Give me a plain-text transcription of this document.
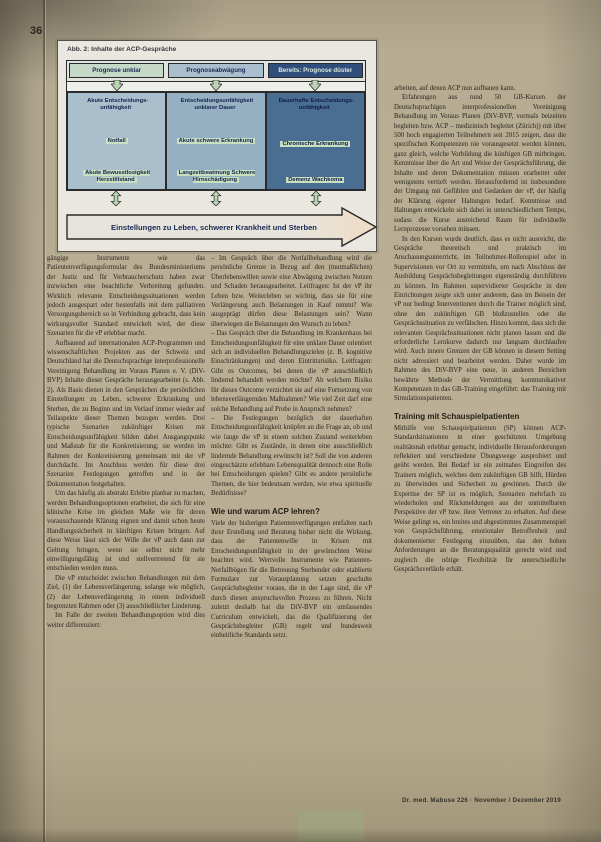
36
Abb. 2: Inhalte der ACP-Gespräche
Prognose unklar	Prognoseabwägung	Bereits: Prognose düster
Akute Entscheidungs- unfähigkeit
Notfall
Akute Bewusstlosigkeit Herzstillstand
Entscheidungsunfähigkeit unklarer Dauer
Akute schwere Erkrankung
Langzeitbeatmung Schwere Hirnschädigung
Dauerhafte Entscheidungs- unfähigkeit
Chronische Erkrankung
Demenz Wachkoma
Einstellungen zu Leben, schwerer Krankheit und Sterben

gängige Instrumente wie das Patientenverfügungsformular des Bundesministeriums der Justiz und für Verbraucherschutz haben zwar inzwischen eine beachtliche Verbreitung gefunden. Wirklich relevante Entscheidungssituationen werden jedoch ausgespart oder bestenfalls mit dem palliativen Versorgungsbereich so in Verbindung gebracht, dass kein wirkungsvoller Standard entwickelt wird, der diese Szenarien für die vP erlebbar macht.

Aufbauend auf internationalen ACP-Programmen und wissenschaftlichen Projekten aus der Schweiz und Deutschland hat die Deutschsprachige interprofessionelle Vereinigung Behandlung im Voraus Planen e. V. (DiV-BVP) Inhalte dieser Gespräche herausgearbeitet (s. Abb. 2). Als Basis dienen in den Gesprächen die persönlichen Einstellungen zu Leben, schwerer Erkrankung und Sterben, die zu Beginn und im Verlauf immer wieder auf Teilaspekte dieser Themen bezogen werden. Drei typische Szenarien zukünftiger Krisen mit Entscheidungsunfähigkeit bilden dabei Ausgangspunkt und Maßstab für die Konkretisierung; sie werden im Rahmen der Konkretisierung gemeinsam mit der vP durchdacht. Im Anschluss werden für diese drei Szenarien Festlegungen getroffen und in der Dokumentation festgehalten.

Um das häufig als abstrakt Erlebte planbar zu machen, werden Behandlungsoptionen erarbeitet, die sich für eine klinische Krise im gleichen Maße wie für deren vorausschauende Klärung eignen und damit schon heute Handlungssicherheit in künftigen Krisen bringen. Auf diese Weise lässt sich der Wille der vP auch dann zur Geltung bringen, wenn sie selbst nicht mehr einwilligungsfähig ist und stellvertretend für sie entschieden werden muss.

Die vP entscheidet zwischen Behandlungen mit dem Ziel, (1) der Lebensverlängerung, solange wie möglich, (2) der Lebensverlängerung in einem individuell begrenzten Rahmen oder (3) ausschließlicher Linderung.

Im Falle der zweiten Behandlungsoption wird dies weiter differenziert:

– Im Gespräch über die Notfallbehandlung wird die persönliche Grenze in Bezug auf den (mutmaßlichen) Überlebenswillen sowie eine Abwägung zwischen Nutzen und Schaden herausgearbeitet. Leitfragen: Ist der vP ihr Leben bzw. Weiterleben so wichtig, dass sie für eine Verlängerung auch Belastungen in Kauf nimmt? Wie ausgeprägt dürfen diese Belastungen sein? Wann überwiegen die Belastungen den Wunsch zu leben?

– Das Gespräch über die Behandlung im Krankenhaus bei Entscheidungsunfähigkeit für eine unklare Dauer orientiert sich an individuellen Behandlungszielen (z. B. kognitive Einschränkungen) und deren Eintrittsrisiko. Leitfragen: Gibt es Outcomes, bei denen die vP ausschließlich lindernd behandelt werden möchte? Ab welchem Risiko für dieses Outcome verzichtet sie auf eine Fortsetzung von lebensverlängernden Maßnahmen? Wie viel Zeit darf eine solche Behandlung auf Probe in Anspruch nehmen?

– Die Festlegungen bezüglich der dauerhaften Entscheidungsunfähigkeit knüpfen an die Frage an, ob und wie lange die vP in einem solchen Zustand weiterleben möchte: Gibt es Zustände, in denen eine ausschließlich lindernde Behandlung erwünscht ist? Soll die von anderen eingeschätzte erlebbare Lebensqualität dennoch eine Rolle bei Entscheidungen spielen? Gibt es andere persönliche Themen, die hier bedeutsam werden, wie etwa spirituelle Bedürfnisse?

Wie und warum ACP lehren?

Viele der bisherigen Patientenverfügungen entfalten nach ihrer Erstellung und Beratung bisher nicht die Wirkung, dass der Patientenwille in Krisen mit Entscheidungsunfähigkeit in der gewünschten Weise beachtet wird. Wertvolle Instrumente wie Patienten-Notfallbögen für die Betreuung Sterbender oder etablierte Formulare zur Vorausplanung setzen geschulte Gesprächsbegleiter voraus, die in der Lage sind, die vP durch diesen anspruchsvollen Prozess zu führen. Nicht zuletzt deshalb hat die DiV-BVP ein umfassendes Curriculum entwickelt, das die Qualifizierung der Gesprächsbegleiter (GB) regelt und bundesweit einheitliche Standards setzt.

arbeiten, auf denen ACP nun aufbauen kann.

Erfahrungen aus rund 50 GB-Kursen der Deutschsprachigen interprofessionellen Vereinigung Behandlung im Voraus Planen (DiV-BVP, vormals beizeiten begleiten bzw. ACP – medizinisch begleitet (Zürich)) mit über 500 hoch engagierten Teilnehmern seit 2015 zeigen, dass die spezifischen Kompetenzen nie vorausgesetzt werden können, ganz gleich, welche Vorbildung die künftigen GB mitbringen. Kenntnisse über die Art und Weise der Gesprächsführung, die Inhalte und deren Dokumentation müssen erarbeitet oder wenigstens vertieft werden. Herausfordernd ist insbesondere der Umgang mit Gefühlen und Gedanken der vP, der häufig der Klärung eigener Haltungen bedarf. Kenntnisse und Haltungen entwickeln sich dabei in unterschiedlichem Tempo, sodass die Kurse ausreichend Raum für individuelle Lernprozesse vorsehen müssen.

In den Kursen wurde deutlich, dass es nicht ausreicht, die Gespräche theoretisch und praktisch im Anschauungsunterricht, im Teilnehmer-Rollenspiel oder in Supervisionen vor Ort zu vermitteln, um nach Abschluss der Ausbildung Gesprächsbegleitungen eigenständig durchführen zu können. Im Rahmen supervidierter Gespräche in den Einrichtungen zeigte sich unter anderem, dass im Beisein der vP nur bedingt Interventionen durch die Trainer möglich sind, ohne den zukünftigen GB bloßzustellen oder die Gesprächssituation zu verfälschen. Hinzu kommt, dass sich die relevanten Gesprächssituationen nicht planen lassen und die erforderliche Lernkurve dadurch nur langsam durchlaufen wird. Auch innere Grenzen der GB können in diesem Setting nicht adressiert und bearbeitet werden. Daher wurde im Rahmen des DiV-BVP eine neue, in anderen Bereichen bewährte Methode der Vermittlung kommunikativer Kompetenzen in das GB-Training eingeführt: das Training mit Simulationspatienten.

Training mit Schauspielpatienten

Mithilfe von Schauspielpatienten (SP) können ACP-Standardsituationen in einer geschützten Umgebung realitätsnah erlebbar gemacht, individuelle Herausforderungen reflektiert und verschiedene Übungswege ausprobiert und geübt werden. Bei Bedarf ist ein zeitnahes Eingreifen des Trainers möglich, welches dem zukünftigen GB hilft, Hürden zu überwinden und Sicherheit zu gewinnen. Durch die Expertise der SP ist es möglich, Szenarien mehrfach zu wiederholen und Rückmeldungen aus der unmittelbaren Perspektive der vP bzw. ihrer Vertreter zu erhalten. Auf diese Weise gelingt es, ein breites und abgestimmtes Zusammenspiel von Gesprächsführung, emotionaler Betroffenheit und dokumentierter Festlegung einzuüben, das den hohen Anforderungen an die Beratungsqualität gerecht wird und zugleich die nötige Flexibilität für unterschiedliche Gesprächsverläufe erhält.

Dr. med. Mabuse 226 · November / Dezember 2019
